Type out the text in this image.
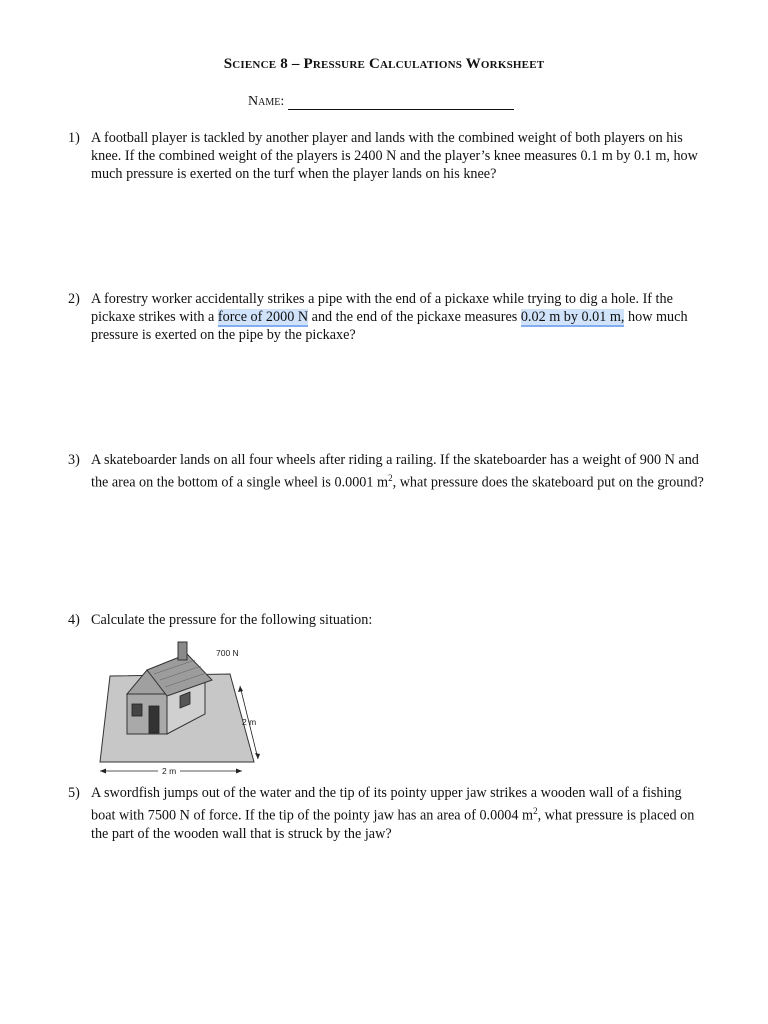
Science 8 – Pressure Calculations Worksheet
Name:
1) A football player is tackled by another player and lands with the combined weight of both players on his knee. If the combined weight of the players is 2400 N and the player’s knee measures 0.1 m by 0.1 m, how much pressure is exerted on the turf when the player lands on his knee?
2) A forestry worker accidentally strikes a pipe with the end of a pickaxe while trying to dig a hole. If the pickaxe strikes with a force of 2000 N and the end of the pickaxe measures 0.02 m by 0.01 m, how much pressure is exerted on the pipe by the pickaxe?
3) A skateboarder lands on all four wheels after riding a railing. If the skateboarder has a weight of 900 N and the area on the bottom of a single wheel is 0.0001 $m^2$, what pressure does the skateboard put on the ground?
4) Calculate the pressure for the following situation:
700 N
2 m
2 m
5) A swordfish jumps out of the water and the tip of its pointy upper jaw strikes a wooden wall of a fishing boat with 7500 N of force. If the tip of the pointy jaw has an area of 0.0004 $m^2$, what pressure is placed on the part of the wooden wall that is struck by the jaw?
